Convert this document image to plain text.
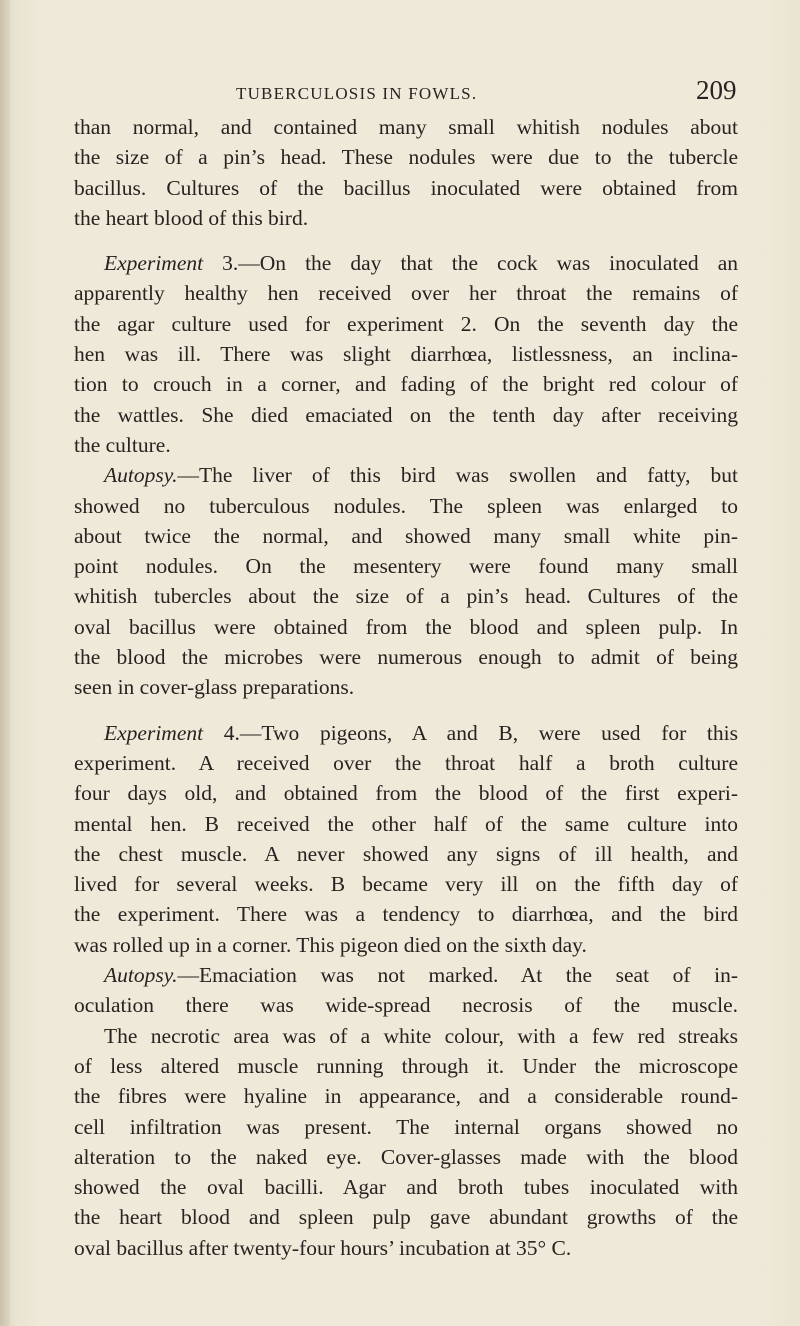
TUBERCULOSIS IN FOWLS.	209
than normal, and contained many small whitish nodules about
the size of a pin’s head. These nodules were due to the tubercle
bacillus. Cultures of the bacillus inoculated were obtained from
the heart blood of this bird.
Experiment 3.—On the day that the cock was inoculated an
apparently healthy hen received over her throat the remains of
the agar culture used for experiment 2. On the seventh day the
hen was ill. There was slight diarrhœa, listlessness, an inclina-
tion to crouch in a corner, and fading of the bright red colour of
the wattles. She died emaciated on the tenth day after receiving
the culture.
Autopsy.—The liver of this bird was swollen and fatty, but
showed no tuberculous nodules. The spleen was enlarged to
about twice the normal, and showed many small white pin-
point nodules. On the mesentery were found many small
whitish tubercles about the size of a pin’s head. Cultures of the
oval bacillus were obtained from the blood and spleen pulp. In
the blood the microbes were numerous enough to admit of being
seen in cover-glass preparations.
Experiment 4.—Two pigeons, A and B, were used for this
experiment. A received over the throat half a broth culture
four days old, and obtained from the blood of the first experi-
mental hen. B received the other half of the same culture into
the chest muscle. A never showed any signs of ill health, and
lived for several weeks. B became very ill on the fifth day of
the experiment. There was a tendency to diarrhœa, and the bird
was rolled up in a corner. This pigeon died on the sixth day.
Autopsy.—Emaciation was not marked. At the seat of in-
oculation there was wide-spread necrosis of the muscle.
The necrotic area was of a white colour, with a few red streaks
of less altered muscle running through it. Under the microscope
the fibres were hyaline in appearance, and a considerable round-
cell infiltration was present. The internal organs showed no
alteration to the naked eye. Cover-glasses made with the blood
showed the oval bacilli. Agar and broth tubes inoculated with
the heart blood and spleen pulp gave abundant growths of the
oval bacillus after twenty-four hours’ incubation at 35° C.
